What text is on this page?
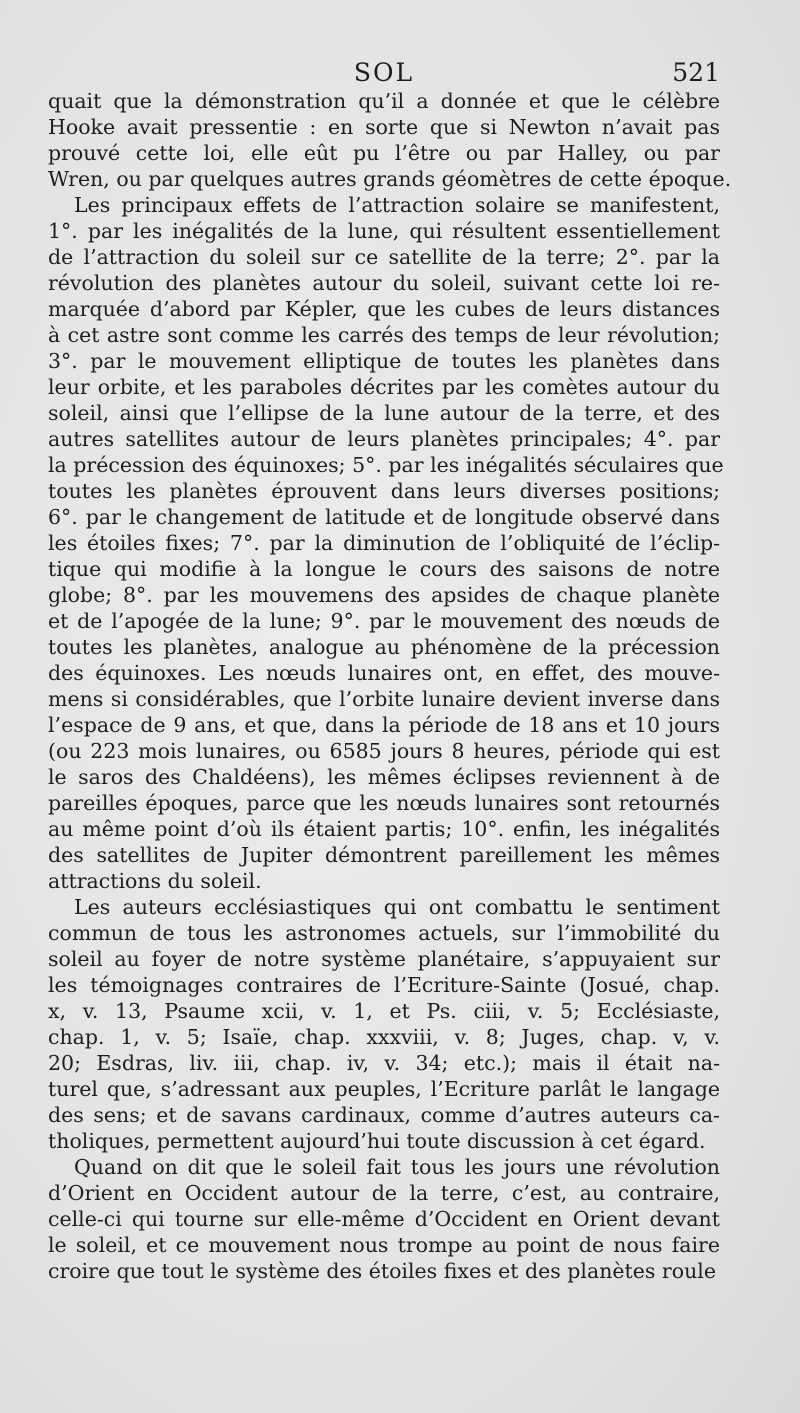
SOL	521
quait que la démonstration qu’il a donnée et que le célèbre
Hooke avait pressentie : en sorte que si Newton n’avait pas
prouvé cette loi, elle eût pu l’être ou par Halley, ou par
Wren, ou par quelques autres grands géomètres de cette époque.
Les principaux effets de l’attraction solaire se manifestent,
1°. par les inégalités de la lune, qui résultent essentiellement
de l’attraction du soleil sur ce satellite de la terre; 2°. par la
révolution des planètes autour du soleil, suivant cette loi re-
marquée d’abord par Képler, que les cubes de leurs distances
à cet astre sont comme les carrés des temps de leur révolution;
3°. par le mouvement elliptique de toutes les planètes dans
leur orbite, et les paraboles décrites par les comètes autour du
soleil, ainsi que l’ellipse de la lune autour de la terre, et des
autres satellites autour de leurs planètes principales; 4°. par
la précession des équinoxes; 5°. par les inégalités séculaires que
toutes les planètes éprouvent dans leurs diverses positions;
6°. par le changement de latitude et de longitude observé dans
les étoiles fixes; 7°. par la diminution de l’obliquité de l’éclip-
tique qui modifie à la longue le cours des saisons de notre
globe; 8°. par les mouvemens des apsides de chaque planète
et de l’apogée de la lune; 9°. par le mouvement des nœuds de
toutes les planètes, analogue au phénomène de la précession
des équinoxes. Les nœuds lunaires ont, en effet, des mouve-
mens si considérables, que l’orbite lunaire devient inverse dans
l’espace de 9 ans, et que, dans la période de 18 ans et 10 jours
(ou 223 mois lunaires, ou 6585 jours 8 heures, période qui est
le saros des Chaldéens), les mêmes éclipses reviennent à de
pareilles époques, parce que les nœuds lunaires sont retournés
au même point d’où ils étaient partis; 10°. enfin, les inégalités
des satellites de Jupiter démontrent pareillement les mêmes
attractions du soleil.
Les auteurs ecclésiastiques qui ont combattu le sentiment
commun de tous les astronomes actuels, sur l’immobilité du
soleil au foyer de notre système planétaire, s’appuyaient sur
les témoignages contraires de l’Ecriture-Sainte (Josué, chap.
x, v. 13, Psaume xcii, v. 1, et Ps. ciii, v. 5; Ecclésiaste,
chap. 1, v. 5; Isaïe, chap. xxxviii, v. 8; Juges, chap. v, v.
20; Esdras, liv. iii, chap. iv, v. 34; etc.); mais il était na-
turel que, s’adressant aux peuples, l’Ecriture parlât le langage
des sens; et de savans cardinaux, comme d’autres auteurs ca-
tholiques, permettent aujourd’hui toute discussion à cet égard.
Quand on dit que le soleil fait tous les jours une révolution
d’Orient en Occident autour de la terre, c’est, au contraire,
celle-ci qui tourne sur elle-même d’Occident en Orient devant
le soleil, et ce mouvement nous trompe au point de nous faire
croire que tout le système des étoiles fixes et des planètes roule
